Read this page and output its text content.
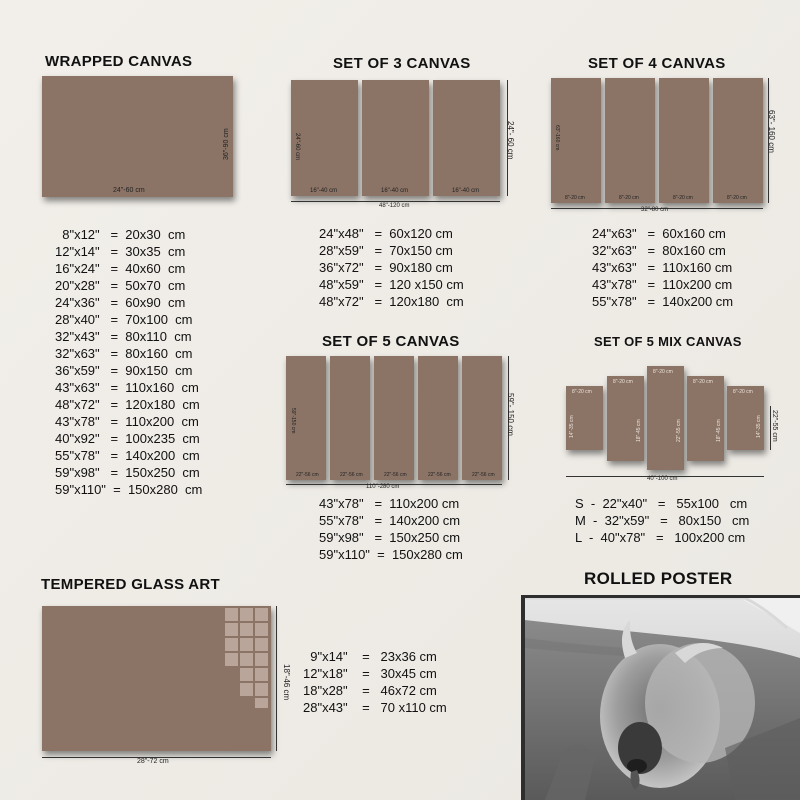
WRAPPED CANVAS
24"-60 cm
36"-90 cm
8"x12"   =  20x30  cm
12"x14"   =  30x35  cm
16"x24"   =  40x60  cm
20"x28"   =  50x70  cm
24"x36"   =  60x90  cm
28"x40"   =  70x100  cm
32"x43"   =  80x110  cm
32"x63"   =  80x160  cm
36"x59"   =  90x150  cm
43"x63"   =  110x160  cm
48"x72"   =  120x180  cm
43"x78"   =  110x200  cm
40"x92"   =  100x235  cm
55"x78"   =  140x200  cm
59"x98"   =  150x250  cm
59"x110"  =  150x280  cm
SET OF 3 CANVAS
24"-60 cm
16"-40 cm	16"-40 cm	16"-40 cm
48"-120 cm
24"- 60 cm
24"x48"   =  60x120 cm
28"x59"   =  70x150 cm
36"x72"   =  90x180 cm
48"x59"   =  120 x150 cm
48"x72"   =  120x180  cm
SET OF 4 CANVAS
63"-160 cm
8"-20 cm	8"-20 cm	8"-20 cm	8"-20 cm
32"-80 cm
63"- 160 cm
24"x63"   =  60x160 cm
32"x63"   =  80x160 cm
43"x63"   =  110x160 cm
43"x78"   =  110x200 cm
55"x78"   =  140x200 cm
SET OF 5 CANVAS
59"-150 cm
22"-56 cm	22"-56 cm	22"-56 cm	22"-56 cm	22"-56 cm
110"-280 cm
59"- 150 cm
43"x78"   =  110x200 cm
55"x78"   =  140x200 cm
59"x98"   =  150x250 cm
59"x110"  =  150x280 cm
SET OF 5 MIX CANVAS
8"-20 cm
8"-20 cm
8"-20 cm
8"-20 cm
8"-20 cm
14"-35 cm	18"-45 cm	22"-55 cm	18"-45 cm	14"-35 cm
40"-100 cm
22"-55 cm
S  -  22"x40"   =   55x100   cm
M  -  32"x59"   =   80x150   cm
L  -  40"x78"   =   100x200 cm
TEMPERED GLASS ART
28"-72 cm
18"-46 cm
9"x14"    =   23x36 cm
12"x18"    =   30x45 cm
18"x28"    =   46x72 cm
28"x43"    =   70 x110 cm
ROLLED POSTER
